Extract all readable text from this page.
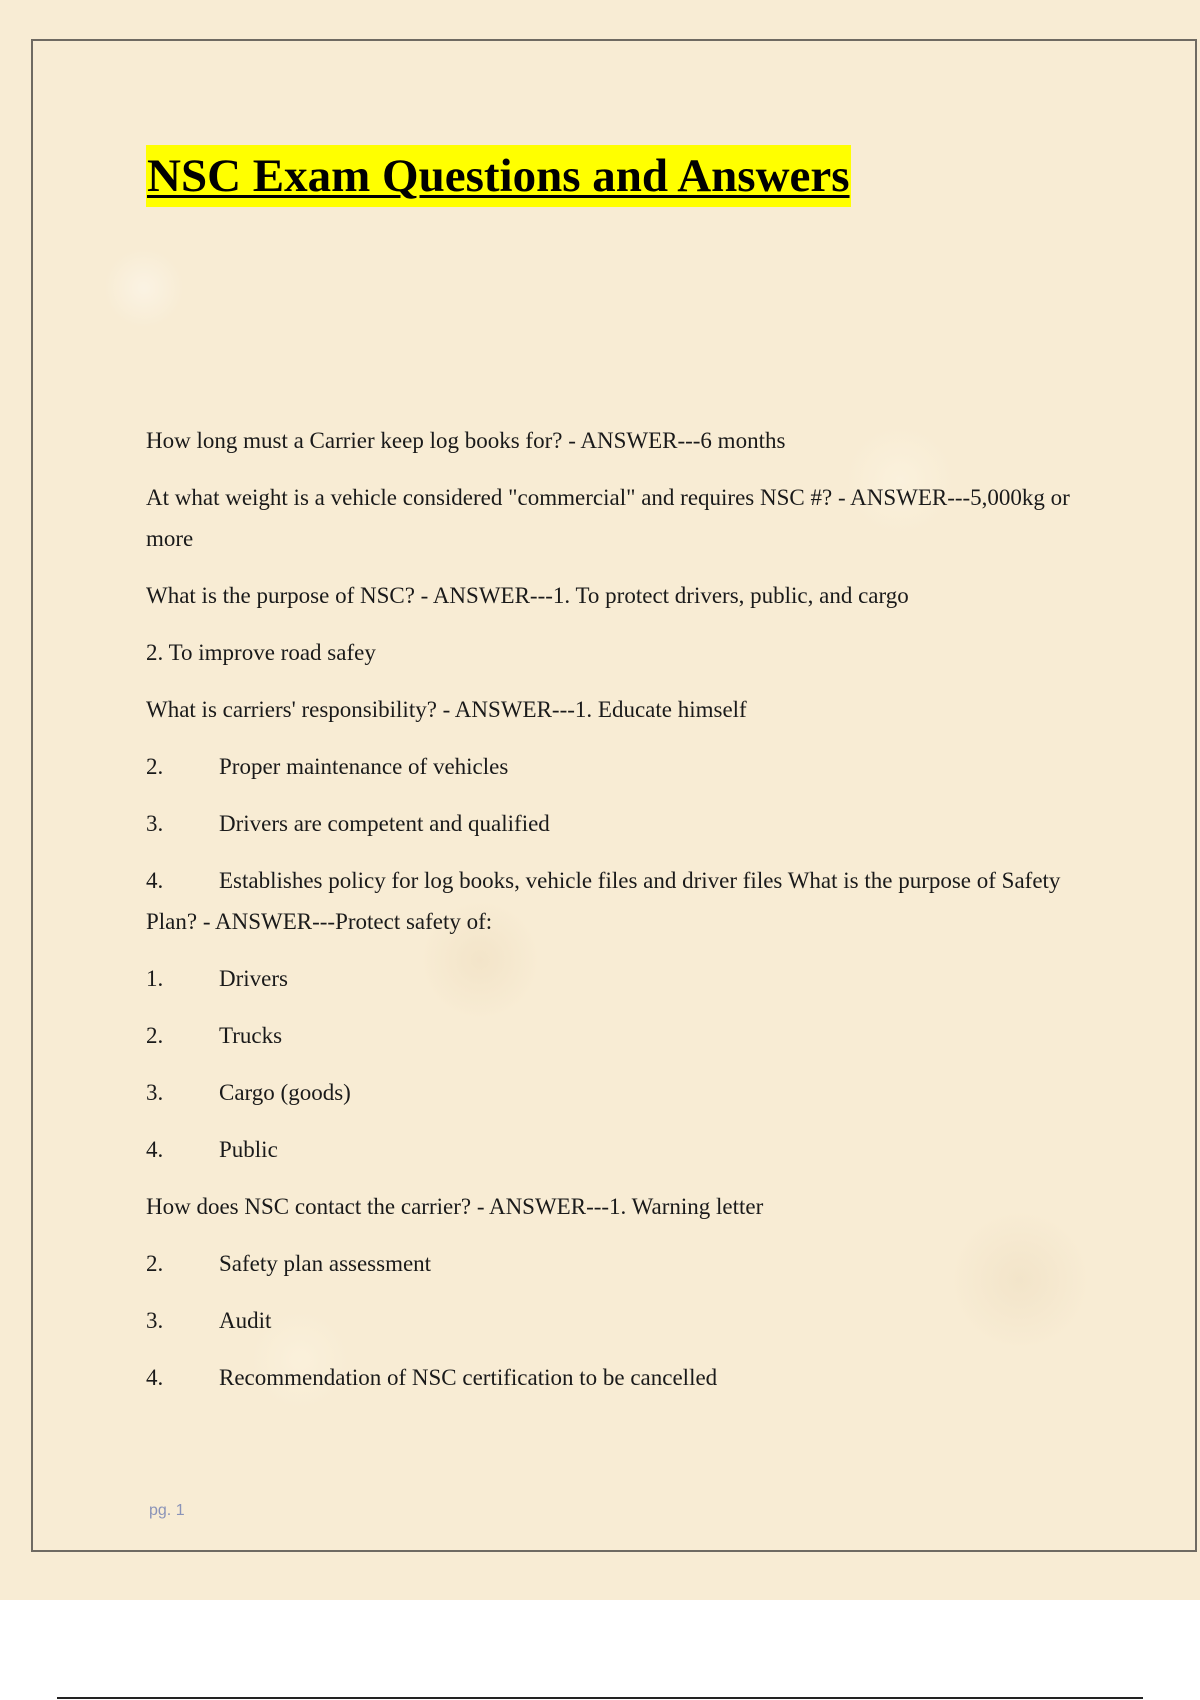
NSC Exam Questions and Answers

How long must a Carrier keep log books for? - ANSWER---6 months

At what weight is a vehicle considered "commercial" and requires NSC #? - ANSWER---5,000kg or more

What is the purpose of NSC? - ANSWER---1. To protect drivers, public, and cargo

2. To improve road safey

What is carriers' responsibility? - ANSWER---1. Educate himself

2.	Proper maintenance of vehicles
3.	Drivers are competent and qualified

4. Establishes policy for log books, vehicle files and driver files What is the purpose of Safety Plan? - ANSWER---Protect safety of:

1.	Drivers
2.	Trucks
3.	Cargo (goods)
4.	Public

How does NSC contact the carrier? - ANSWER---1. Warning letter

2.	Safety plan assessment
3.	Audit
4.	Recommendation of NSC certification to be cancelled
pg. 1
